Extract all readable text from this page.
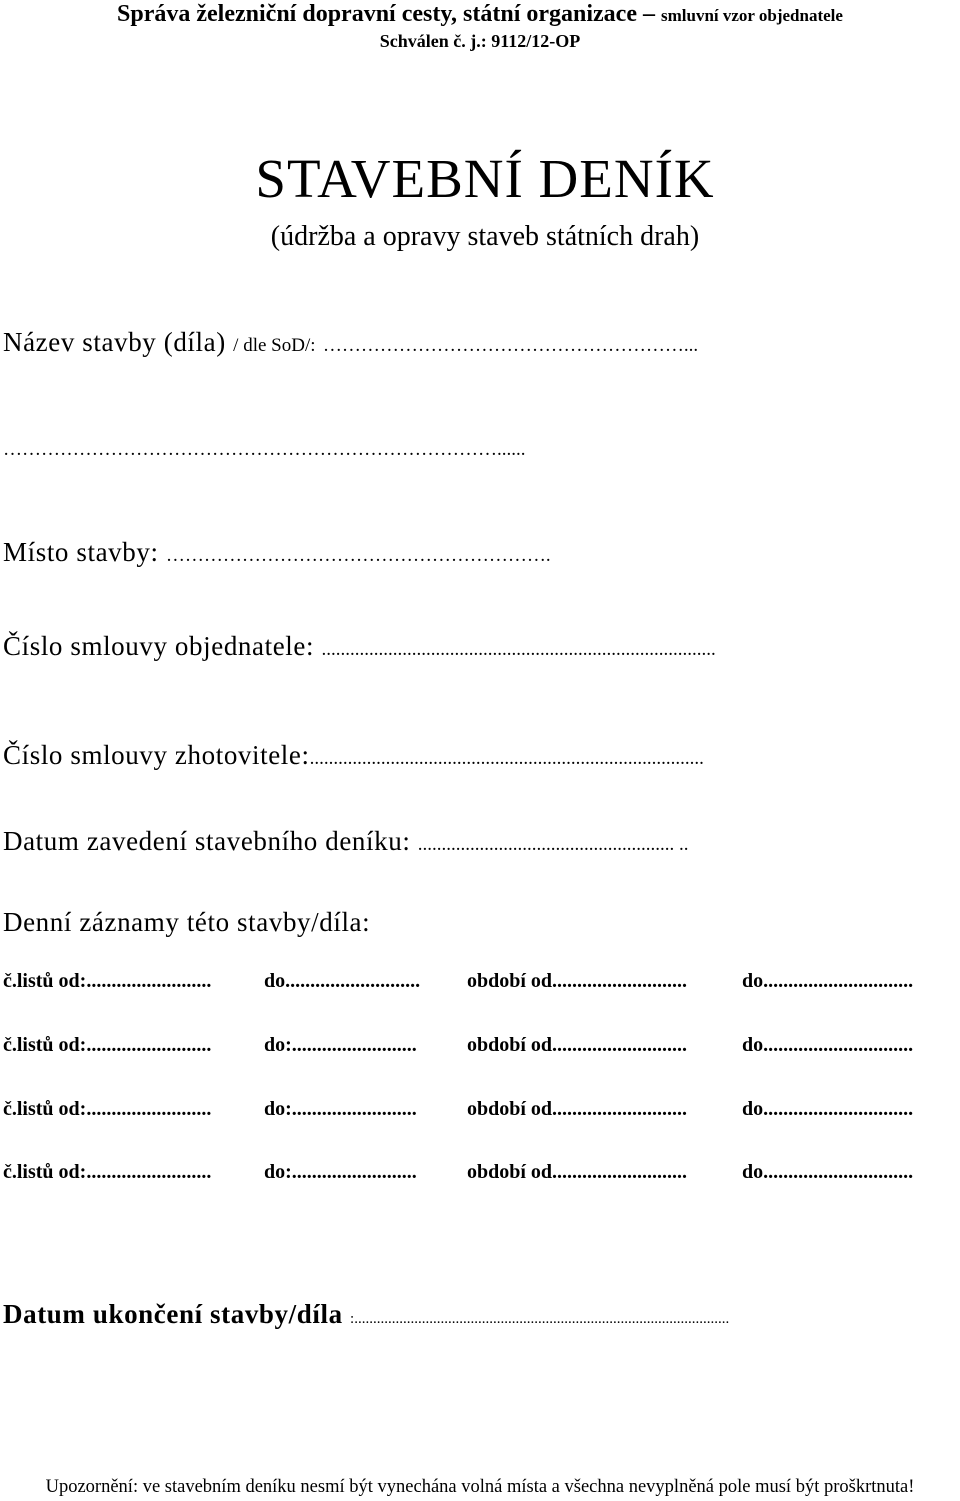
Správa železniční dopravní cesty, státní organizace – smluvní vzor objednatele
Schválen č. j.: 9112/12-OP
STAVEBNÍ DENÍK
(údržba a opravy staveb státních drah)
Název stavby (díla) / dle SoD/: …………………………………………………...
……………………………………………………………………......
Místo stavby: …………………………………………………….
Číslo smlouvy objednatele: ...................................................................................
Číslo smlouvy zhotovitele:...................................................................................
Datum zavedení stavebního deníku: ...................................................... ..
Denní záznamy této stavby/díla:
č.listů od:.........................	do........................... období od...........................	do..............................
č.listů od:.........................	do:.........................	období od...........................	do..............................
č.listů od:.........................	do:.........................	období od...........................	do..............................
č.listů od:.........................	do:.........................	období od...........................	do..............................
Datum ukončení stavby/díla :....................................................................................................
Upozornění: ve stavebním deníku nesmí být vynechána volná místa a všechna nevyplněná pole musí být proškrtnuta!
